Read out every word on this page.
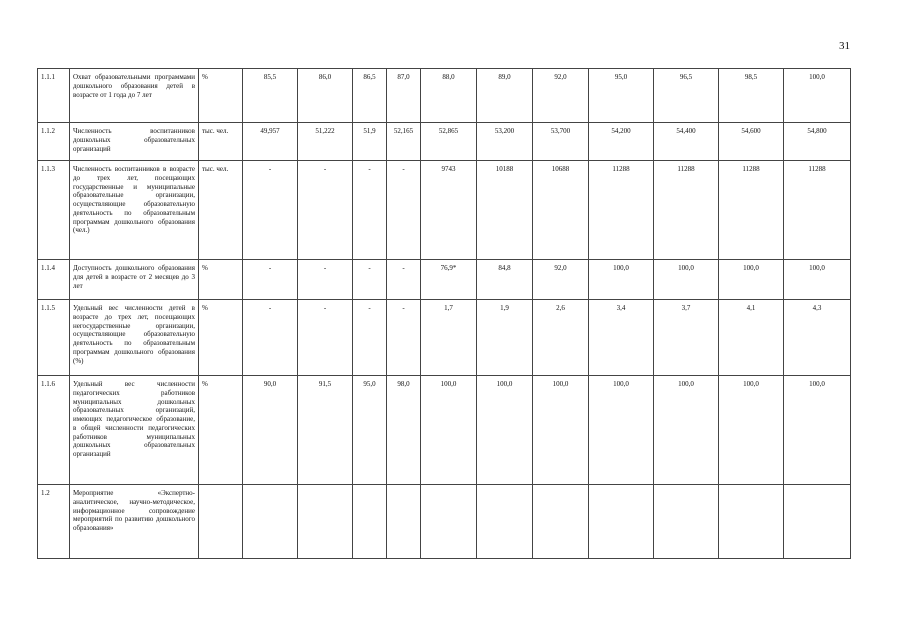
31
1.1.1	Охват образовательными программами дошкольного образования детей в возрасте от 1 года до 7 лет	%	85,5	86,0	86,5	87,0	88,0	89,0	92,0	95,0	96,5	98,5	100,0
1.1.2	Численность воспитанников дошкольных образовательных организаций	тыс. чел.	49,957	51,222	51,9	52,165	52,865	53,200	53,700	54,200	54,400	54,600	54,800
1.1.3	Численность воспитанников в возрасте до трех лет, посещающих государственные и муниципальные образовательные организации, осуществляющие образовательную деятельность по образовательным программам дошкольного образования (чел.)	тыс. чел.	-	-	-	-	9743	10188	10688	11288	11288	11288	11288
1.1.4	Доступность дошкольного образования для детей в возрасте от 2 месяцев до 3 лет	%	-	-	-	-	76,9*	84,8	92,0	100,0	100,0	100,0	100,0
1.1.5	Удельный вес численности детей в возрасте до трех лет, посещающих негосударственные организации, осуществляющие образовательную деятельность по образовательным программам дошкольного образования (%)	%	-	-	-	-	1,7	1,9	2,6	3,4	3,7	4,1	4,3
1.1.6	Удельный вес численности педагогических работников муниципальных дошкольных образовательных организаций, имеющих педагогическое образование, в общей численности педагогических работников муниципальных дошкольных образовательных организаций	%	90,0	91,5	95,0	98,0	100,0	100,0	100,0	100,0	100,0	100,0	100,0
1.2	Мероприятие «Экспертно-аналитическое, научно-методическое, информационное сопровождение мероприятий по развитию дошкольного образования»												
